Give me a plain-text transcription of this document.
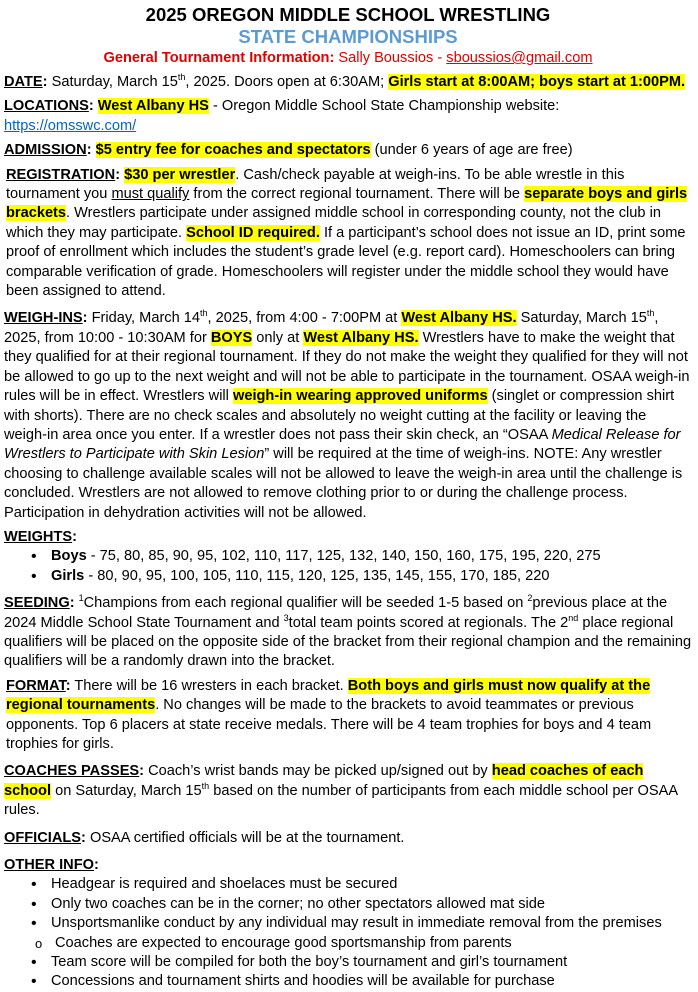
2025 OREGON MIDDLE SCHOOL WRESTLING
STATE CHAMPIONSHIPS
General Tournament Information: Sally Boussios - sboussios@gmail.com

DATE: Saturday, March 15th, 2025. Doors open at 6:30AM; Girls start at 8:00AM; boys start at 1:00PM.

LOCATIONS: West Albany HS - Oregon Middle School State Championship website: https://omsswc.com/

ADMISSION: $5 entry fee for coaches and spectators (under 6 years of age are free)

REGISTRATION: $30 per wrestler. Cash/check payable at weigh-ins. To be able wrestle in this tournament you must qualify from the correct regional tournament. There will be separate boys and girls brackets. Wrestlers participate under assigned middle school in corresponding county, not the club in which they may participate. School ID required. If a participant’s school does not issue an ID, print some proof of enrollment which includes the student’s grade level (e.g. report card). Homeschoolers can bring comparable verification of grade. Homeschoolers will register under the middle school they would have been assigned to attend.

WEIGH-INS: Friday, March 14th, 2025, from 4:00 - 7:00PM at West Albany HS. Saturday, March 15th, 2025, from 10:00 - 10:30AM for BOYS only at West Albany HS. Wrestlers have to make the weight that they qualified for at their regional tournament. If they do not make the weight they qualified for they will not be allowed to go up to the next weight and will not be able to participate in the tournament. OSAA weigh-in rules will be in effect. Wrestlers will weigh-in wearing approved uniforms (singlet or compression shirt with shorts). There are no check scales and absolutely no weight cutting at the facility or leaving the weigh-in area once you enter. If a wrestler does not pass their skin check, an “OSAA Medical Release for Wrestlers to Participate with Skin Lesion” will be required at the time of weigh-ins. NOTE: Any wrestler choosing to challenge available scales will not be allowed to leave the weigh-in area until the challenge is concluded. Wrestlers are not allowed to remove clothing prior to or during the challenge process. Participation in dehydration activities will not be allowed.

WEIGHTS:

• Boys - 75, 80, 85, 90, 95, 102, 110, 117, 125, 132, 140, 150, 160, 175, 195, 220, 275
• Girls - 80, 90, 95, 100, 105, 110, 115, 120, 125, 135, 145, 155, 170, 185, 220

SEEDING: $^1$Champions from each regional qualifier will be seeded 1-5 based on $^2$previous place at the 2024 Middle School State Tournament and $^3$total team points scored at regionals. The 2nd place regional qualifiers will be placed on the opposite side of the bracket from their regional champion and the remaining qualifiers will be a randomly drawn into the bracket.

FORMAT: There will be 16 wresters in each bracket. Both boys and girls must now qualify at the regional tournaments. No changes will be made to the brackets to avoid teammates or previous opponents. Top 6 placers at state receive medals. There will be 4 team trophies for boys and 4 team trophies for girls.

COACHES PASSES: Coach’s wrist bands may be picked up/signed out by head coaches of each school on Saturday, March 15th based on the number of participants from each middle school per OSAA rules.

OFFICIALS: OSAA certified officials will be at the tournament.

OTHER INFO:

• Headgear is required and shoelaces must be secured
• Only two coaches can be in the corner; no other spectators allowed mat side
• Unsportsmanlike conduct by any individual may result in immediate removal from the premises
o Coaches are expected to encourage good sportsmanship from parents
• Team score will be compiled for both the boy’s tournament and girl’s tournament
• Concessions and tournament shirts and hoodies will be available for purchase
